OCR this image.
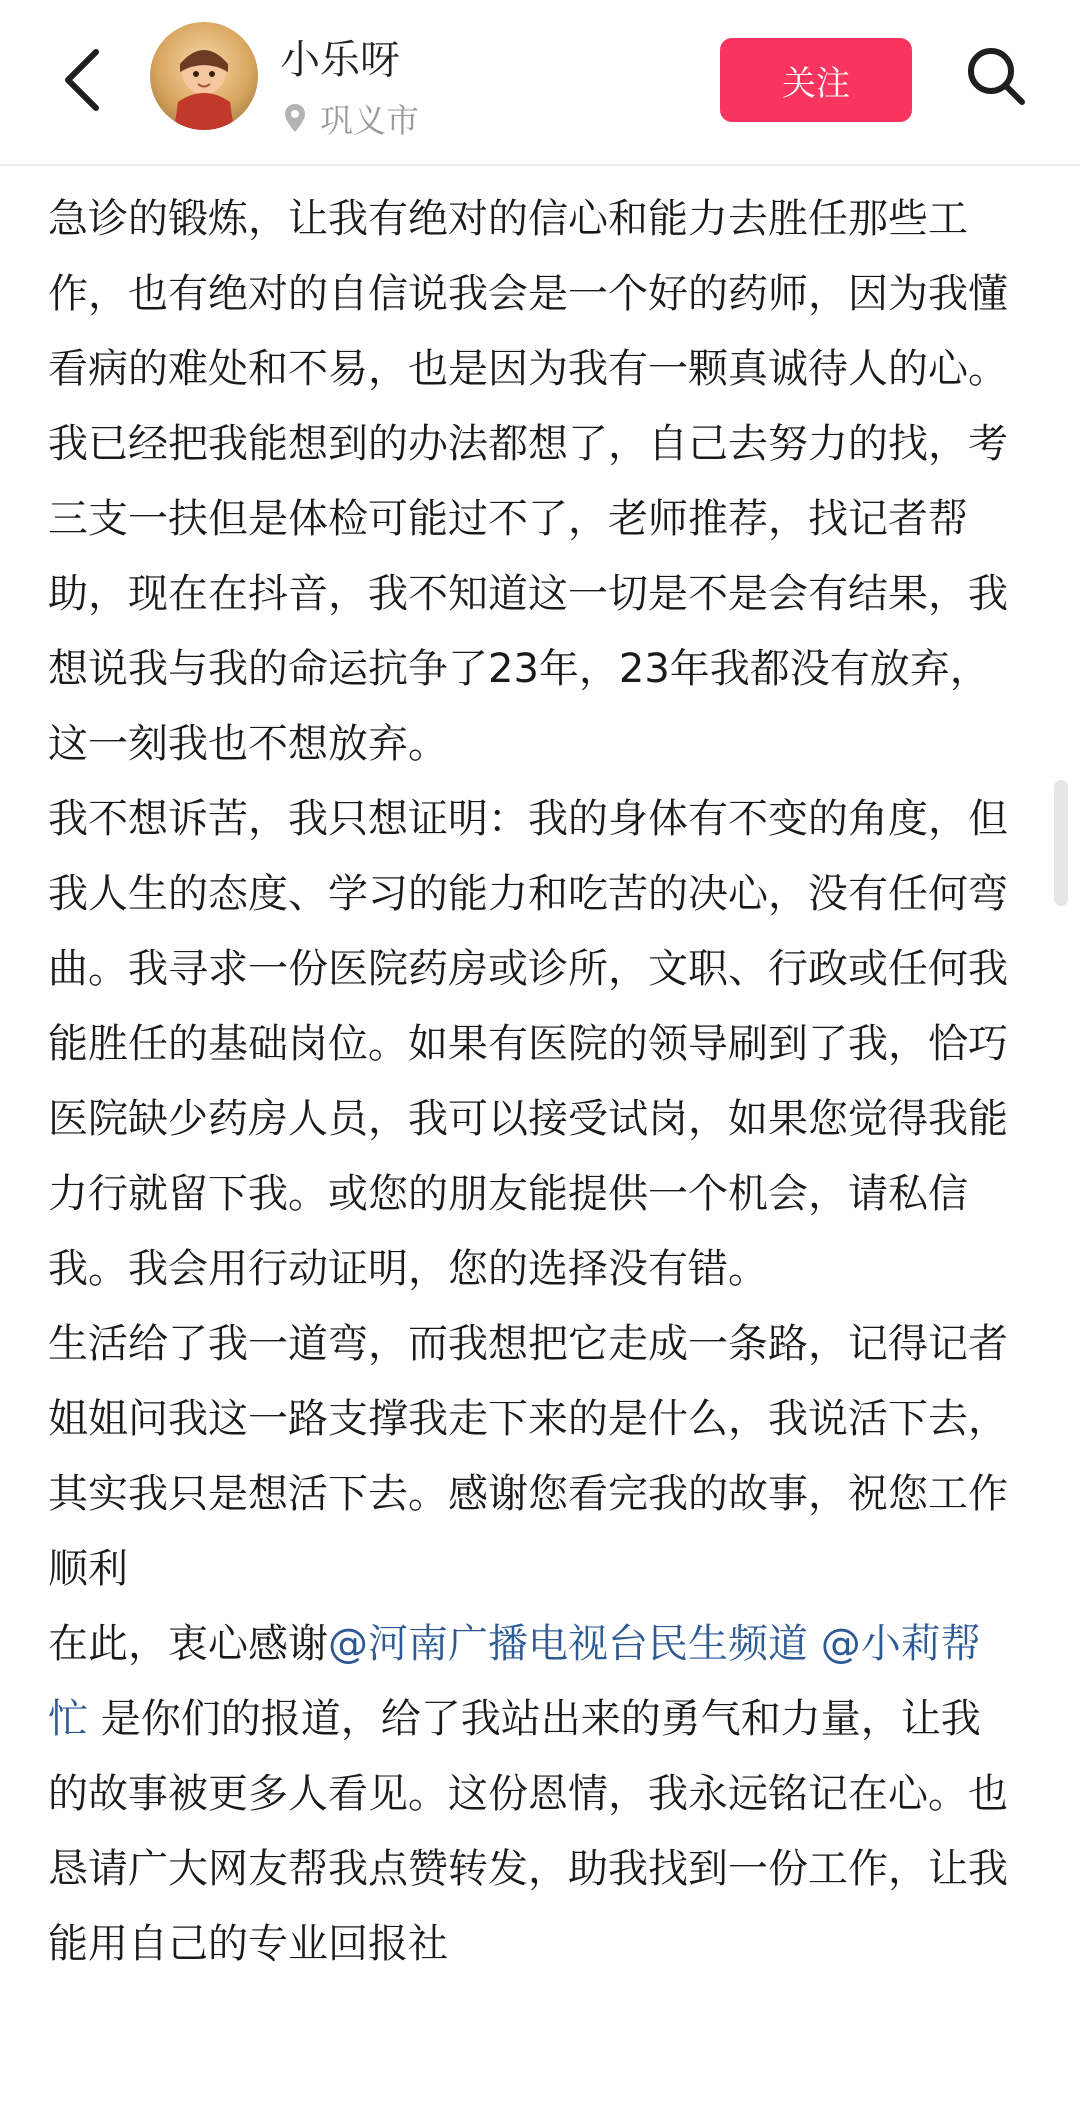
小乐呀
巩义市
关注

急诊的锻炼，让我有绝对的信心和能力去胜任那些工作，也有绝对的自信说我会是一个好的药师，因为我懂看病的难处和不易，也是因为我有一颗真诚待人的心。

我已经把我能想到的办法都想了，自己去努力的找，考三支一扶但是体检可能过不了，老师推荐，找记者帮助，现在在抖音，我不知道这一切是不是会有结果，我想说我与我的命运抗争了23年，23年我都没有放弃，这一刻我也不想放弃。

我不想诉苦，我只想证明：我的身体有不变的角度，但我人生的态度、学习的能力和吃苦的决心，没有任何弯曲。我寻求一份医院药房或诊所，文职、行政或任何我能胜任的基础岗位。如果有医院的领导刷到了我，恰巧医院缺少药房人员，我可以接受试岗，如果您觉得我能力行就留下我。或您的朋友能提供一个机会，请私信我。我会用行动证明，您的选择没有错。

生活给了我一道弯，而我想把它走成一条路，记得记者姐姐问我这一路支撑我走下来的是什么，我说活下去，其实我只是想活下去。感谢您看完我的故事，祝您工作顺利

在此，衷心感谢@河南广播电视台民生频道 @小莉帮忙 是你们的报道，给了我站出来的勇气和力量，让我的故事被更多人看见。这份恩情，我永远铭记在心。也恳请广大网友帮我点赞转发，助我找到一份工作，让我能用自己的专业回报社
